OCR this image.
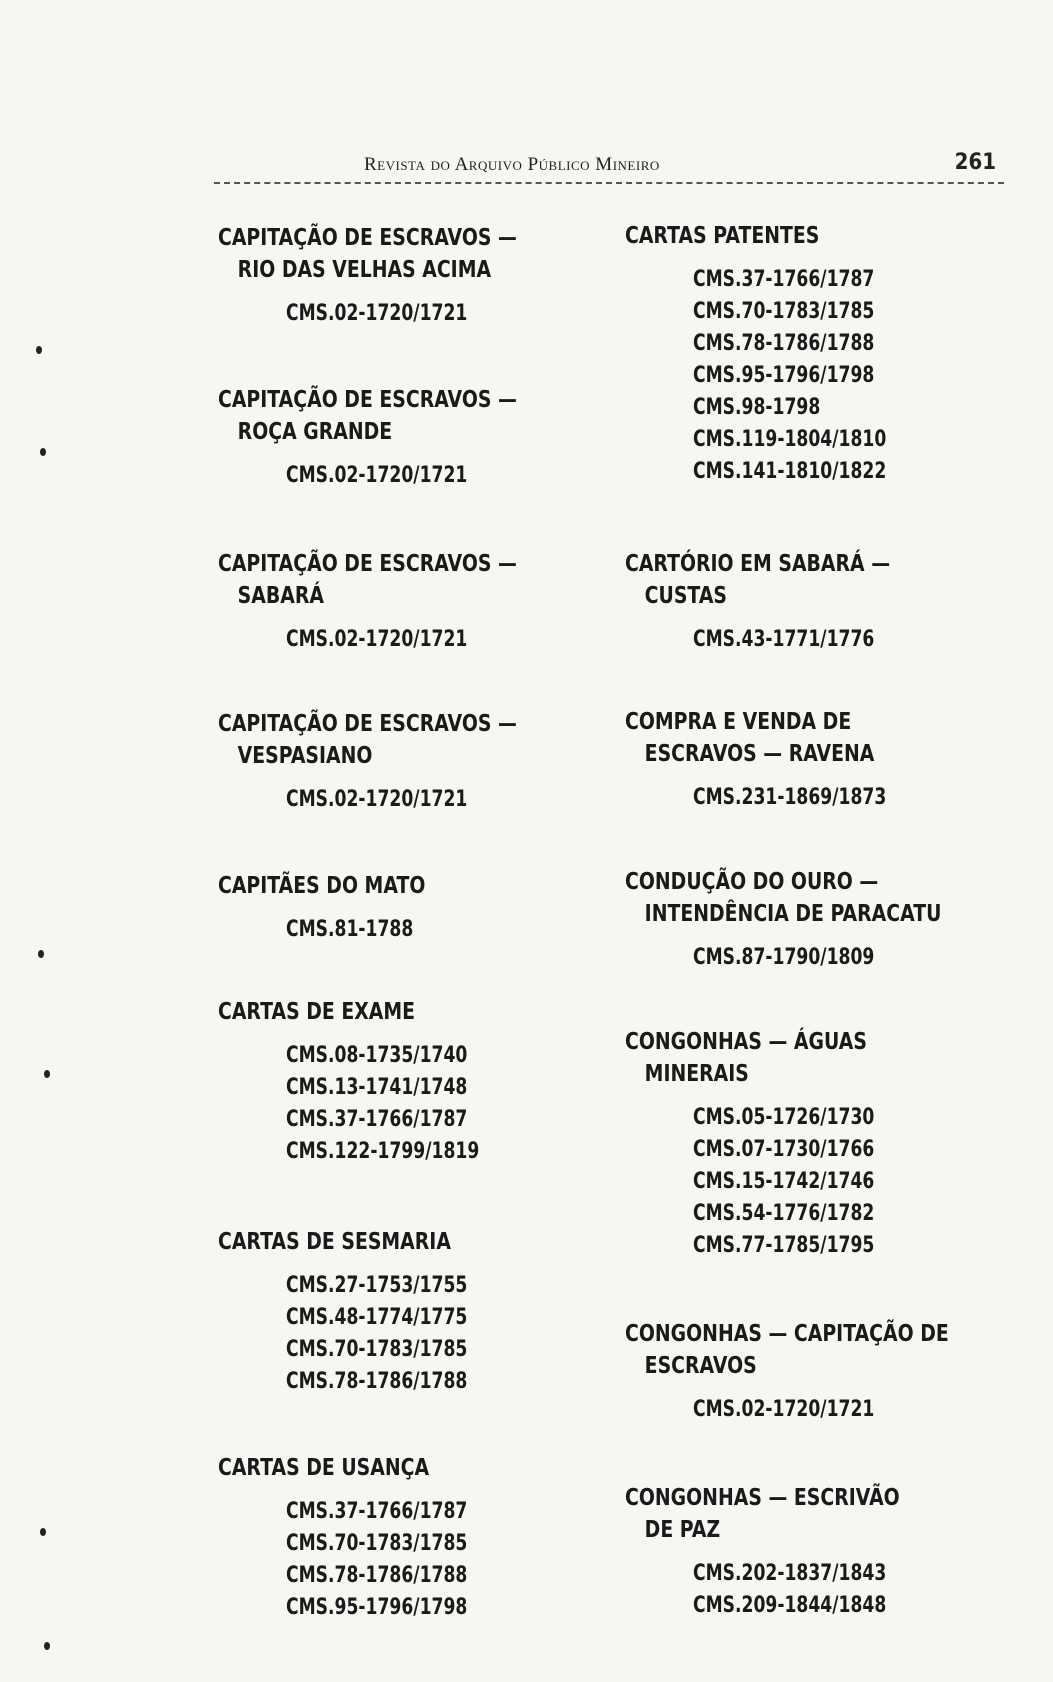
Revista do Arquivo Público Mineiro	261
CAPITAÇÃO DE ESCRAVOS —
RIO DAS VELHAS ACIMA
CMS.02-1720/1721
CAPITAÇÃO DE ESCRAVOS —
ROÇA GRANDE
CMS.02-1720/1721
CAPITAÇÃO DE ESCRAVOS —
SABARÁ
CMS.02-1720/1721
CAPITAÇÃO DE ESCRAVOS —
VESPASIANO
CMS.02-1720/1721
CAPITÃES DO MATO
CMS.81-1788
CARTAS DE EXAME
CMS.08-1735/1740
CMS.13-1741/1748
CMS.37-1766/1787
CMS.122-1799/1819
CARTAS DE SESMARIA
CMS.27-1753/1755
CMS.48-1774/1775
CMS.70-1783/1785
CMS.78-1786/1788
CARTAS DE USANÇA
CMS.37-1766/1787
CMS.70-1783/1785
CMS.78-1786/1788
CMS.95-1796/1798
CARTAS PATENTES
CMS.37-1766/1787
CMS.70-1783/1785
CMS.78-1786/1788
CMS.95-1796/1798
CMS.98-1798
CMS.119-1804/1810
CMS.141-1810/1822
CARTÓRIO EM SABARÁ —
CUSTAS
CMS.43-1771/1776
COMPRA E VENDA DE
ESCRAVOS — RAVENA
CMS.231-1869/1873
CONDUÇÃO DO OURO —
INTENDÊNCIA DE PARACATU
CMS.87-1790/1809
CONGONHAS — ÁGUAS
MINERAIS
CMS.05-1726/1730
CMS.07-1730/1766
CMS.15-1742/1746
CMS.54-1776/1782
CMS.77-1785/1795
CONGONHAS — CAPITAÇÃO DE
ESCRAVOS
CMS.02-1720/1721
CONGONHAS — ESCRIVÃO
DE PAZ
CMS.202-1837/1843
CMS.209-1844/1848
